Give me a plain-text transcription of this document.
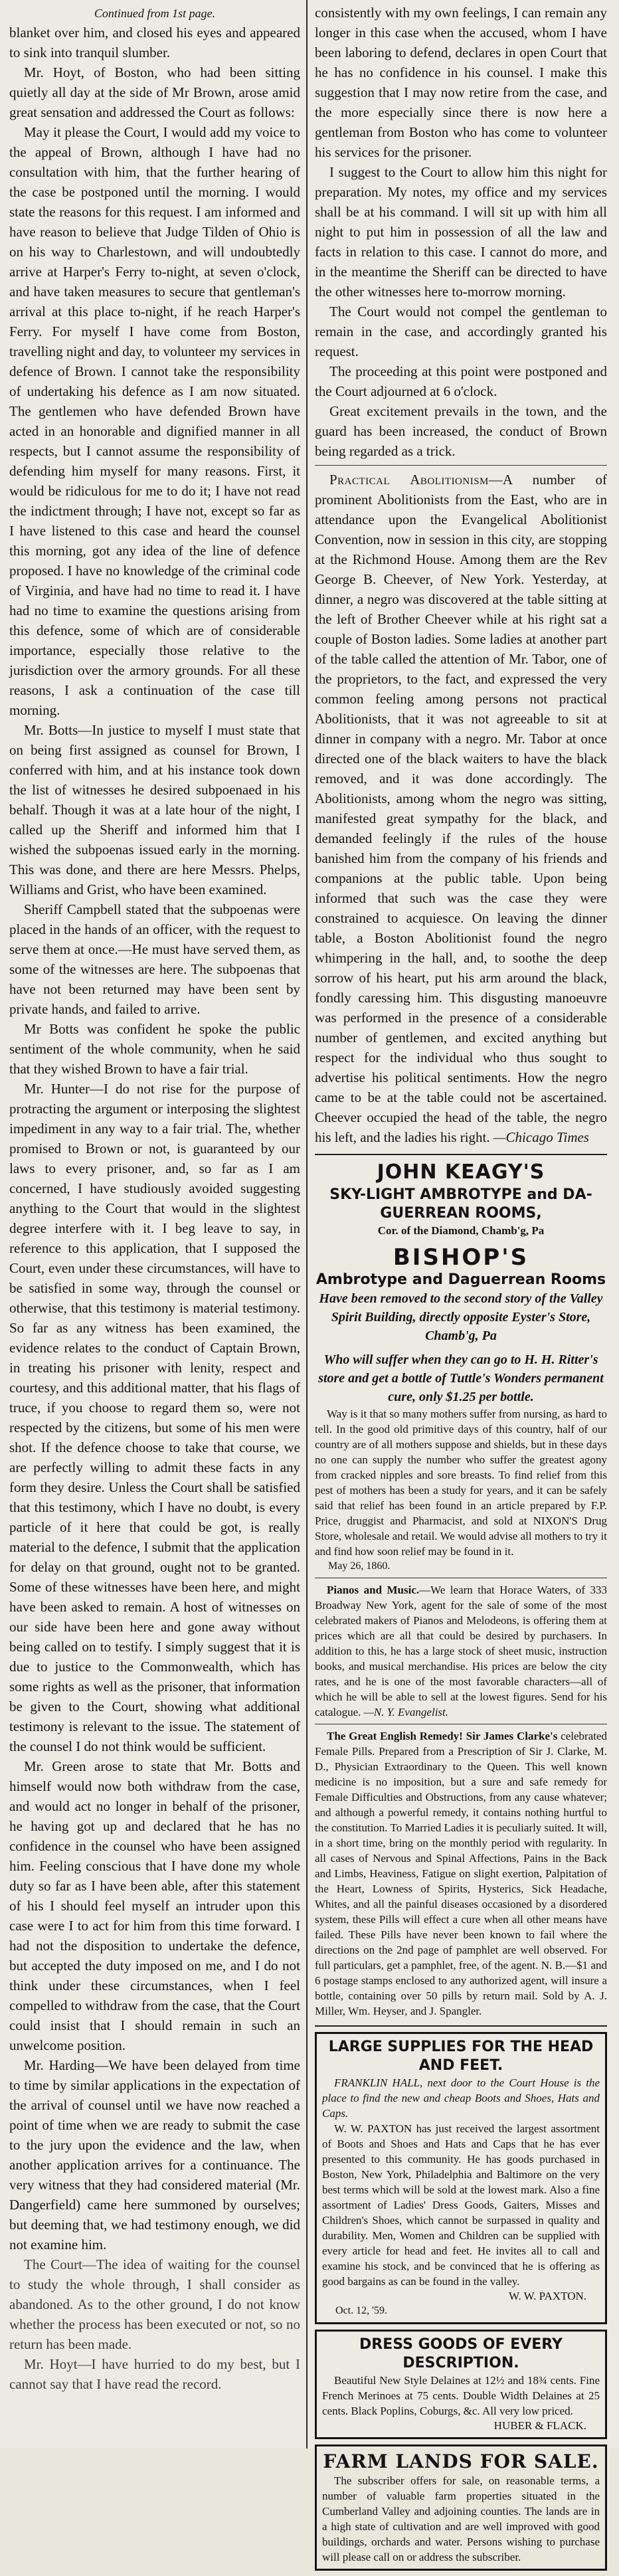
Continued from 1st page.
blanket over him, and closed his eyes and appeared to sink into tranquil slumber.

Mr. Hoyt, of Boston, who had been sitting quietly all day at the side of Mr Brown, arose amid great sensation and addressed the Court as follows:

May it please the Court, I would add my voice to the appeal of Brown, although I have had no consultation with him, that the further hearing of the case be postponed until the morning. I would state the reasons for this request. I am informed and have reason to believe that Judge Tilden of Ohio is on his way to Charlestown, and will undoubtedly arrive at Harper's Ferry to-night, at seven o'clock, and have taken measures to secure that gentleman's arrival at this place to-night, if he reach Harper's Ferry. For myself I have come from Boston, travelling night and day, to volunteer my services in defence of Brown. I cannot take the responsibility of undertaking his defence as I am now situated. The gentlemen who have defended Brown have acted in an honorable and dignified manner in all respects, but I cannot assume the responsibility of defending him myself for many reasons. First, it would be ridiculous for me to do it; I have not read the indictment through; I have not, except so far as I have listened to this case and heard the counsel this morning, got any idea of the line of defence proposed. I have no knowledge of the criminal code of Virginia, and have had no time to read it. I have had no time to examine the questions arising from this defence, some of which are of considerable importance, especially those relative to the jurisdiction over the armory grounds. For all these reasons, I ask a continuation of the case till morning.

Mr. Botts—In justice to myself I must state that on being first assigned as counsel for Brown, I conferred with him, and at his instance took down the list of witnesses he desired subpoenaed in his behalf. Though it was at a late hour of the night, I called up the Sheriff and informed him that I wished the subpoenas issued early in the morning. This was done, and there are here Messrs. Phelps, Williams and Grist, who have been examined.

Sheriff Campbell stated that the subpoenas were placed in the hands of an officer, with the request to serve them at once.—He must have served them, as some of the witnesses are here. The subpoenas that have not been returned may have been sent by private hands, and failed to arrive.

Mr Botts was confident he spoke the public sentiment of the whole community, when he said that they wished Brown to have a fair trial.

Mr. Hunter—I do not rise for the purpose of protracting the argument or interposing the slightest impediment in any way to a fair trial. The, whether promised to Brown or not, is guaranteed by our laws to every prisoner, and, so far as I am concerned, I have studiously avoided suggesting anything to the Court that would in the slightest degree interfere with it. I beg leave to say, in reference to this application, that I supposed the Court, even under these circumstances, will have to be satisfied in some way, through the counsel or otherwise, that this testimony is material testimony. So far as any witness has been examined, the evidence relates to the conduct of Captain Brown, in treating his prisoner with lenity, respect and courtesy, and this additional matter, that his flags of truce, if you choose to regard them so, were not respected by the citizens, but some of his men were shot. If the defence choose to take that course, we are perfectly willing to admit these facts in any form they desire. Unless the Court shall be satisfied that this testimony, which I have no doubt, is every particle of it here that could be got, is really material to the defence, I submit that the application for delay on that ground, ought not to be granted. Some of these witnesses have been here, and might have been asked to remain. A host of witnesses on our side have been here and gone away without being called on to testify. I simply suggest that it is due to justice to the Commonwealth, which has some rights as well as the prisoner, that information be given to the Court, showing what additional testimony is relevant to the issue. The statement of the counsel I do not think would be sufficient.

Mr. Green arose to state that Mr. Botts and himself would now both withdraw from the case, and would act no longer in behalf of the prisoner, he having got up and declared that he has no confidence in the counsel who have been assigned him. Feeling conscious that I have done my whole duty so far as I have been able, after this statement of his I should feel myself an intruder upon this case were I to act for him from this time forward. I had not the disposition to undertake the defence, but accepted the duty imposed on me, and I do not think under these circumstances, when I feel compelled to withdraw from the case, that the Court could insist that I should remain in such an unwelcome position.

Mr. Harding—We have been delayed from time to time by similar applications in the expectation of the arrival of counsel until we have now reached a point of time when we are ready to submit the case to the jury upon the evidence and the law, when another application arrives for a continuance. The very witness that they had considered material (Mr. Dangerfield) came here summoned by ourselves; but deeming that, we had testimony enough, we did not examine him.

The Court—The idea of waiting for the counsel to study the whole through, I shall consider as abandoned. As to the other ground, I do not know whether the process has been executed or not, so no return has been made.

Mr. Hoyt—I have hurried to do my best, but I cannot say that I have read the record.

consistently with my own feelings, I can remain any longer in this case when the accused, whom I have been laboring to defend, declares in open Court that he has no confidence in his counsel. I make this suggestion that I may now retire from the case, and the more especially since there is now here a gentleman from Boston who has come to volunteer his services for the prisoner.

I suggest to the Court to allow him this night for preparation. My notes, my office and my services shall be at his command. I will sit up with him all night to put him in possession of all the law and facts in relation to this case. I cannot do more, and in the meantime the Sheriff can be directed to have the other witnesses here to-morrow morning.

The Court would not compel the gentleman to remain in the case, and accordingly granted his request.

The proceeding at this point were postponed and the Court adjourned at 6 o'clock.

Great excitement prevails in the town, and the guard has been increased, the conduct of Brown being regarded as a trick.

Practical Abolitionism—A number of prominent Abolitionists from the East, who are in attendance upon the Evangelical Abolitionist Convention, now in session in this city, are stopping at the Richmond House. Among them are the Rev George B. Cheever, of New York. Yesterday, at dinner, a negro was discovered at the table sitting at the left of Brother Cheever while at his right sat a couple of Boston ladies. Some ladies at another part of the table called the attention of Mr. Tabor, one of the proprietors, to the fact, and expressed the very common feeling among persons not practical Abolitionists, that it was not agreeable to sit at dinner in company with a negro. Mr. Tabor at once directed one of the black waiters to have the black removed, and it was done accordingly. The Abolitionists, among whom the negro was sitting, manifested great sympathy for the black, and demanded feelingly if the rules of the house banished him from the company of his friends and companions at the public table. Upon being informed that such was the case they were constrained to acquiesce. On leaving the dinner table, a Boston Abolitionist found the negro whimpering in the hall, and, to soothe the deep sorrow of his heart, put his arm around the black, fondly caressing him. This disgusting manoeuvre was performed in the presence of a considerable number of gentlemen, and excited anything but respect for the individual who thus sought to advertise his political sentiments. How the negro came to be at the table could not be ascertained. Cheever occupied the head of the table, the negro his left, and the ladies his right. —Chicago Times

JOHN KEAGY'S
SKY-LIGHT AMBROTYPE and DA-
GUERREAN ROOMS,
Cor. of the Diamond, Chamb'g, Pa
BISHOP'S
Ambrotype and Daguerrean Rooms
Have been removed to the second story of the Valley Spirit Building, directly opposite Eyster's Store, Chamb'g, Pa
Who will suffer when they can go to H. H. Ritter's store and get a bottle of Tuttle's Wonders permanent cure, only $1.25 per bottle.
Way is it that so many mothers suffer from nursing, as hard to tell. In the good old primitive days of this country, half of our country are of all mothers suppose and shields, but in these days no one can supply the number who suffer the greatest agony from cracked nipples and sore breasts. To find relief from this pest of mothers has been a study for years, and it can be safely said that relief has been found in an article prepared by F.P. Price, druggist and Pharmacist, and sold at NIXON'S Drug Store, wholesale and retail. We would advise all mothers to try it and find how soon relief may be found in it.
May 26, 1860.
Pianos and Music.—We learn that Horace Waters, of 333 Broadway New York, agent for the sale of some of the most celebrated makers of Pianos and Melodeons, is offering them at prices which are all that could be desired by purchasers. In addition to this, he has a large stock of sheet music, instruction books, and musical merchandise. His prices are below the city rates, and he is one of the most favorable characters—all of which he will be able to sell at the lowest figures. Send for his catalogue. —N. Y. Evangelist.
The Great English Remedy! Sir James Clarke's celebrated Female Pills. Prepared from a Prescription of Sir J. Clarke, M. D., Physician Extraordinary to the Queen. This well known medicine is no imposition, but a sure and safe remedy for Female Difficulties and Obstructions, from any cause whatever; and although a powerful remedy, it contains nothing hurtful to the constitution. To Married Ladies it is peculiarly suited. It will, in a short time, bring on the monthly period with regularity. In all cases of Nervous and Spinal Affections, Pains in the Back and Limbs, Heaviness, Fatigue on slight exertion, Palpitation of the Heart, Lowness of Spirits, Hysterics, Sick Headache, Whites, and all the painful diseases occasioned by a disordered system, these Pills will effect a cure when all other means have failed. These Pills have never been known to fail where the directions on the 2nd page of pamphlet are well observed. For full particulars, get a pamphlet, free, of the agent. N. B.—$1 and 6 postage stamps enclosed to any authorized agent, will insure a bottle, containing over 50 pills by return mail. Sold by A. J. Miller, Wm. Heyser, and J. Spangler.
LARGE SUPPLIES FOR THE HEAD AND FEET.
FRANKLIN HALL, next door to the Court House is the place to find the new and cheap Boots and Shoes, Hats and Caps.
W. W. PAXTON has just received the largest assortment of Boots and Shoes and Hats and Caps that he has ever presented to this community. He has goods purchased in Boston, New York, Philadelphia and Baltimore on the very best terms which will be sold at the lowest mark. Also a fine assortment of Ladies' Dress Goods, Gaiters, Misses and Children's Shoes, which cannot be surpassed in quality and durability. Men, Women and Children can be supplied with every article for head and feet. He invites all to call and examine his stock, and be convinced that he is offering as good bargains as can be found in the valley.
W. W. PAXTON.
Oct. 12, '59.
DRESS GOODS OF EVERY DESCRIPTION.
Beautiful New Style Delaines at 12½ and 18¾ cents. Fine French Merinoes at 75 cents. Double Width Delaines at 25 cents. Black Poplins, Coburgs, &c. All very low priced.
HUBER & FLACK.
FARM LANDS FOR SALE.
The subscriber offers for sale, on reasonable terms, a number of valuable farm properties situated in the Cumberland Valley and adjoining counties. The lands are in a high state of cultivation and are well improved with good buildings, orchards and water. Persons wishing to purchase will please call on or address the subscriber.
